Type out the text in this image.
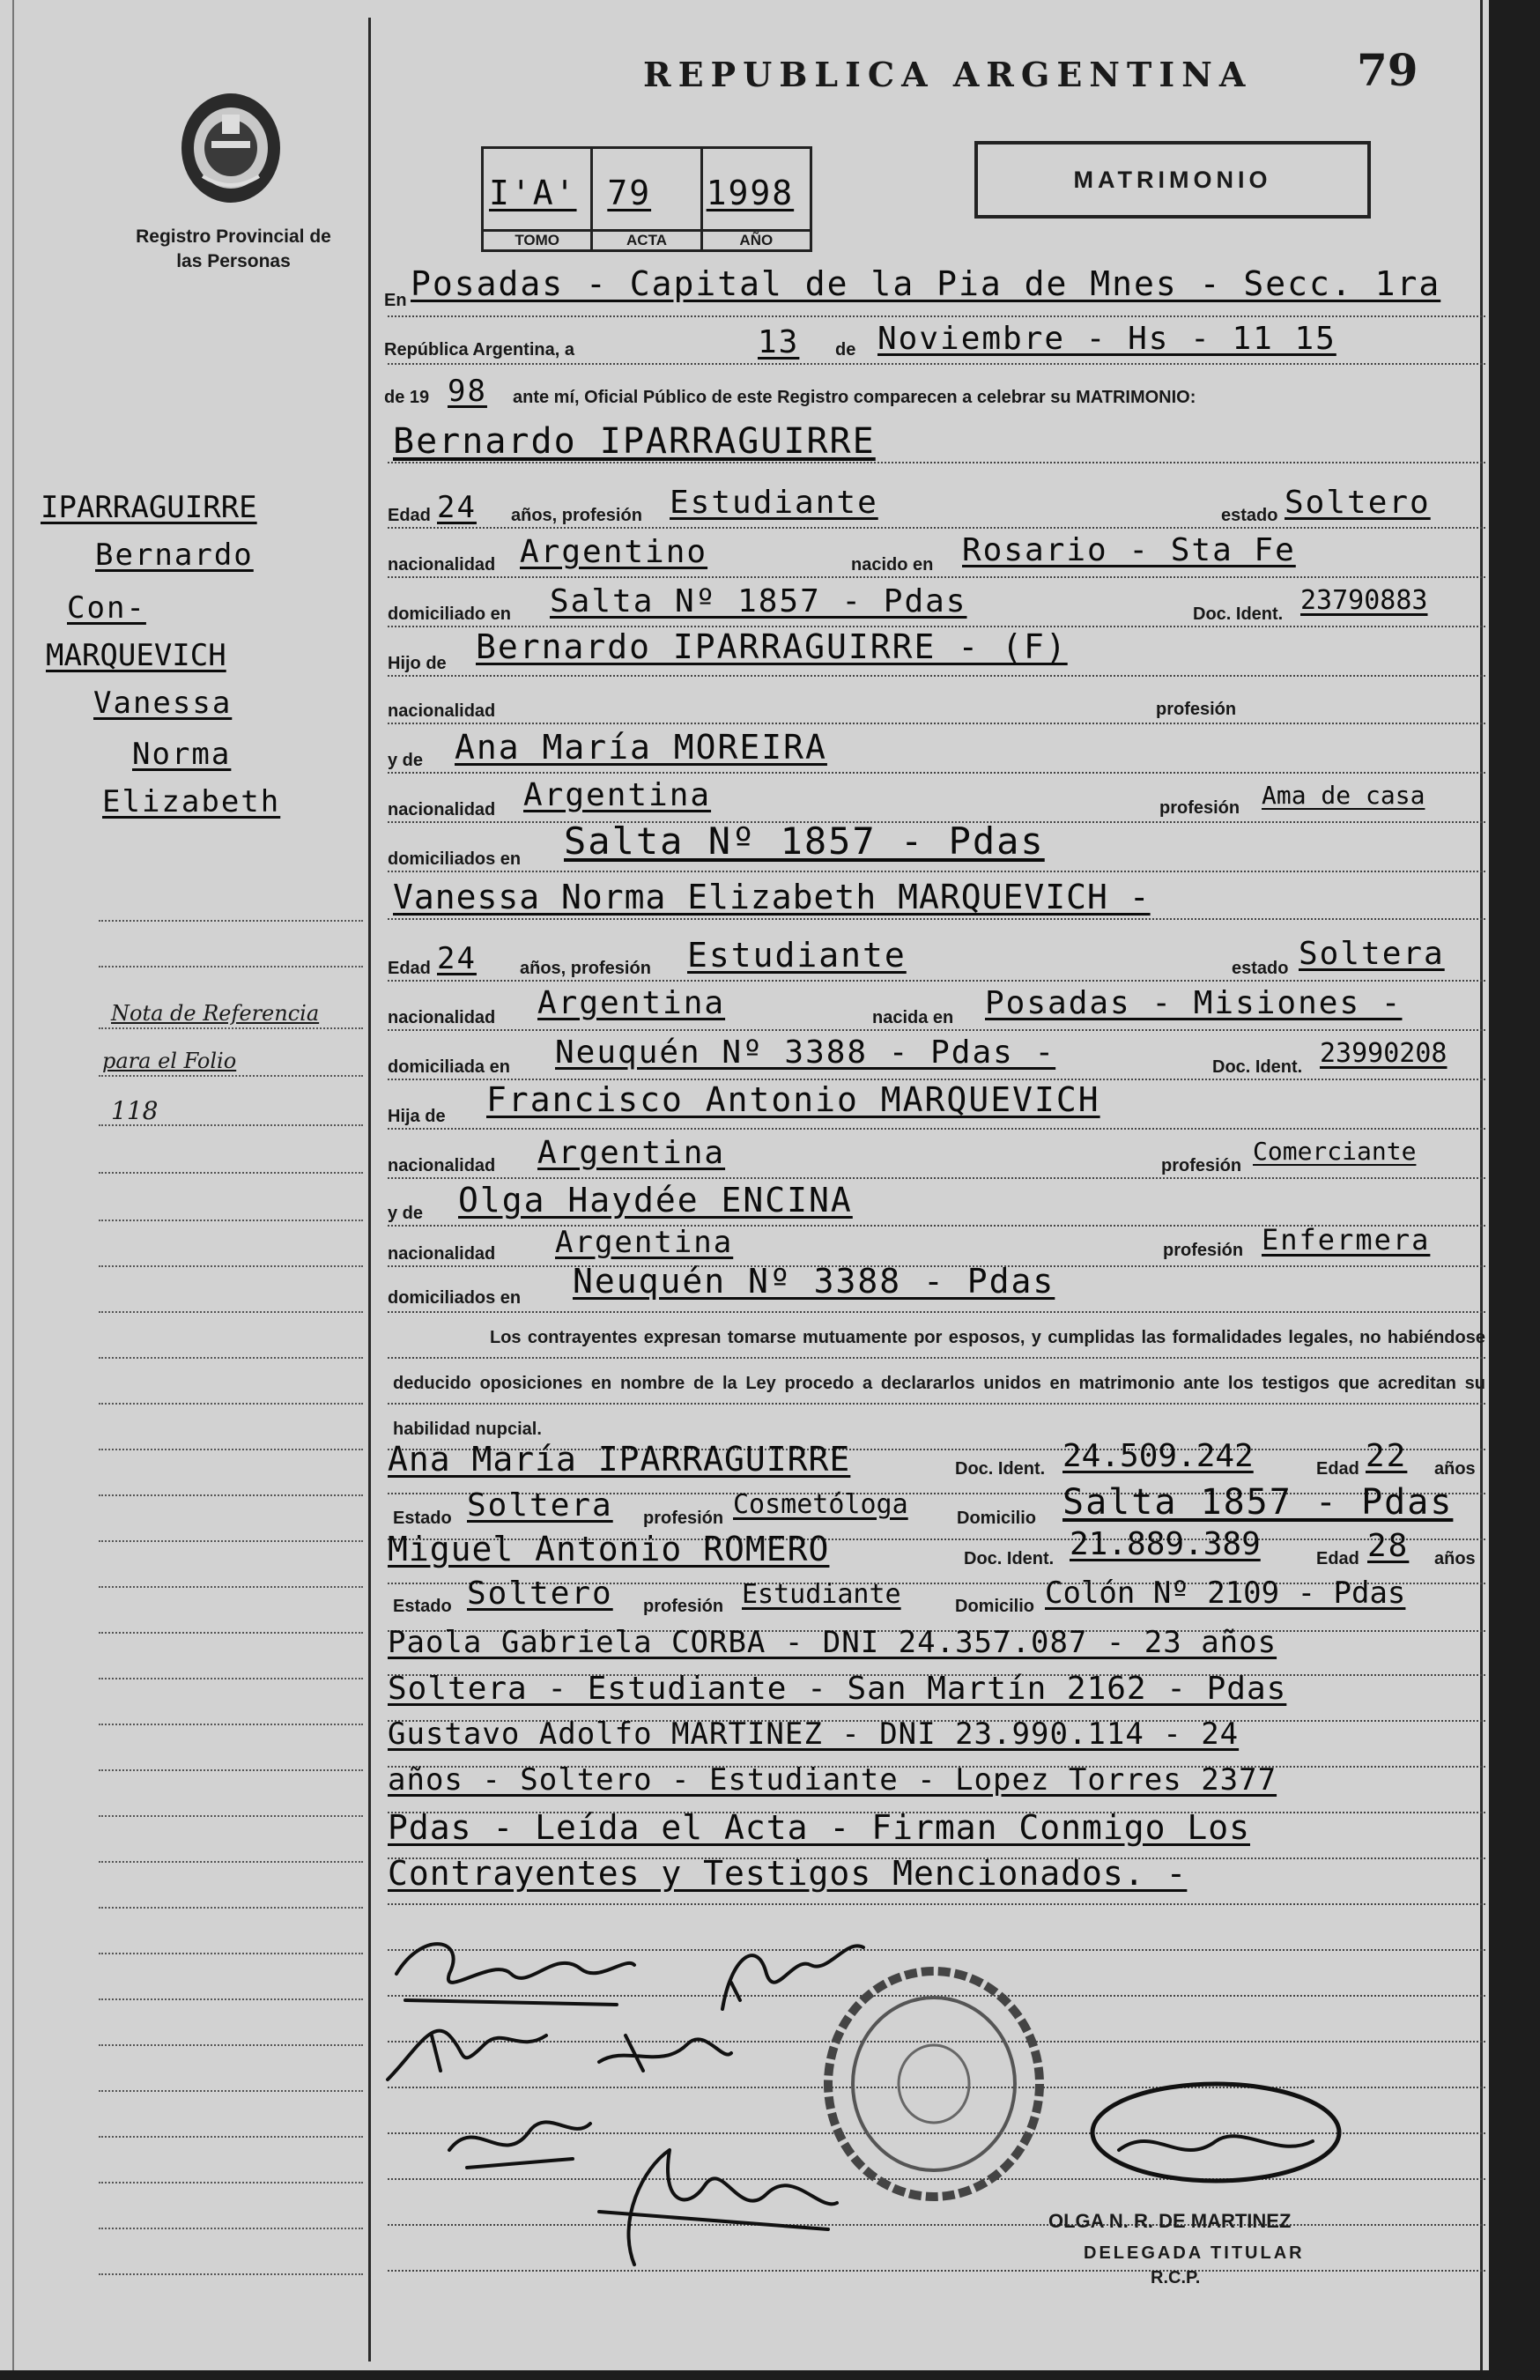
REPUBLICA ARGENTINA 79
Registro Provincial de las Personas
I'A'
TOMO
79
ACTA
1998
AÑO
MATRIMONIO
En Posadas - Capital de la Pia de Mnes - Secc. 1ra
República Argentina, a	13 de Noviembre - Hs - 11 15
de 19 98 ante mí, Oficial Público de este Registro comparecen a celebrar su MATRIMONIO:
Bernardo IPARRAGUIRRE
Edad 24 años, profesión Estudiante	estado Soltero
nacionalidad Argentino	nacido en Rosario - Sta Fe
domiciliado en Salta Nº 1857 - Pdas	Doc. Ident. 23790883
Hijo de Bernardo IPARRAGUIRRE - (F)
nacionalidad	profesión
y de Ana María MOREIRA
nacionalidad Argentina	profesión Ama de casa
domiciliados en Salta Nº 1857 - Pdas
Vanessa Norma Elizabeth MARQUEVICH -
Edad 24 años, profesión Estudiante	estado Soltera
nacionalidad Argentina	nacida en Posadas - Misiones -
domiciliada en Neuquén Nº 3388 - Pdas -	Doc. Ident. 23990208
Hija de Francisco Antonio MARQUEVICH
nacionalidad Argentina	profesión Comerciante
y de Olga Haydée ENCINA
nacionalidad Argentina	profesión Enfermera
domiciliados en Neuquén Nº 3388 - Pdas
Los contrayentes expresan tomarse mutuamente por esposos, y cumplidas las formalidades legales, no habiéndose deducido oposiciones en nombre de la Ley procedo a declararlos unidos en matrimonio ante los testigos que acreditan su habilidad nupcial.
Ana María IPARRAGUIRRE	Doc. Ident. 24.509.242	Edad 22 años
Estado Soltera profesión Cosmetóloga	Domicilio Salta 1857 - Pdas
Miguel Antonio ROMERO	Doc. Ident. 21.889.389	Edad 28 años
Estado Soltero profesión Estudiante	Domicilio Colón Nº 2109 - Pdas
Paola Gabriela CORBA - DNI 24.357.087 - 23 años
Soltera - Estudiante - San Martín 2162 - Pdas
Gustavo Adolfo MARTINEZ - DNI 23.990.114 - 24
años - Soltero - Estudiante - Lopez Torres 2377
Pdas - Leída el Acta - Firman Conmigo Los
Contrayentes y Testigos Mencionados. -
IPARRAGUIRRE
Bernardo
Con-
MARQUEVICH
Vanessa
Norma
Elizabeth
Nota de Referencia
para el Folio
118
OLGA N. R. DE MARTINEZ
DELEGADA TITULAR
R.C.P.
